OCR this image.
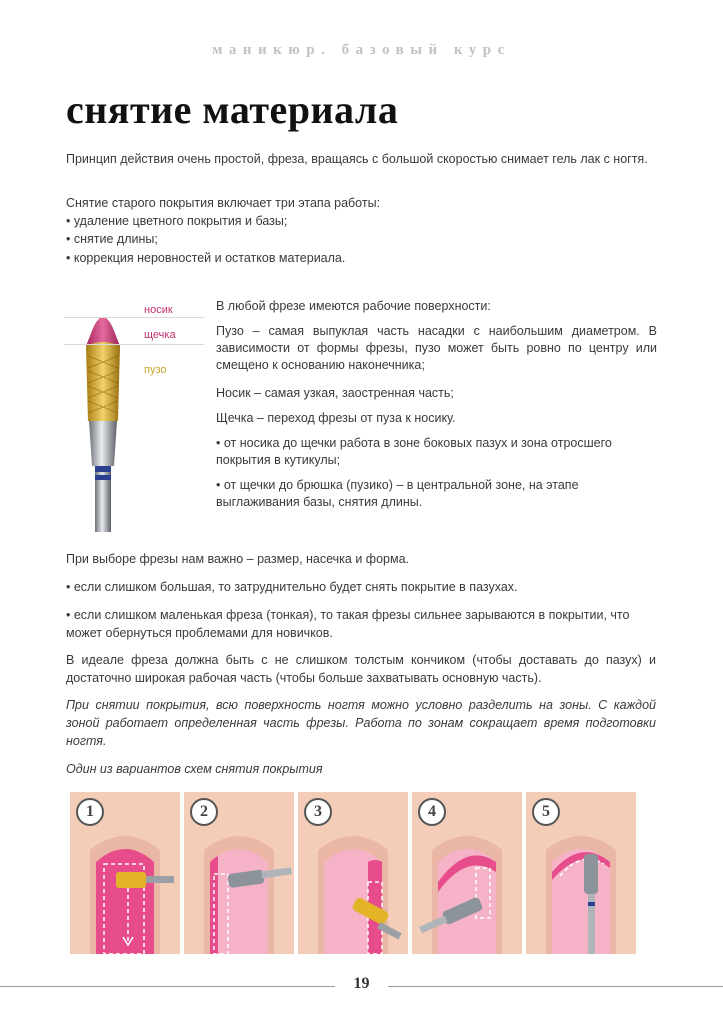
маникюр. базовый курс
снятие материала

Принцип действия очень простой, фреза, вращаясь с большой скоростью снимает гель лак с ногтя.

Снятие старого покрытия включает три этапа работы:

• удаление цветного покрытия и базы;

• снятие длины;

• коррекция неровностей и остатков материала.

носик
щечка
пузо

В любой фрезе имеются рабочие поверхности:

Пузо – самая выпуклая часть насадки с наибольшим диаметром. В зависимости от формы фрезы, пузо может быть ровно по центру или смещено к основанию наконечника;

Носик – самая узкая, заостренная часть;

Щечка – переход фрезы от пуза к носику.

• от носика до щечки работа в зоне боковых пазух и зона отросшего покрытия в кутикулы;

• от щечки до брюшка (пузико) – в центральной зоне, на этапе выглаживания базы, снятия длины.

При выборе фрезы нам важно – размер, насечка и форма.

• если слишком большая, то затруднительно будет снять покрытие в пазухах.

• если слишком маленькая фреза (тонкая), то такая фрезы сильнее зарываются в покрытии, что может обернуться проблемами для новичков.

В идеале фреза должна быть с не слишком толстым кончиком (чтобы доставать до пазух) и достаточно широкая рабочая часть (чтобы больше захватывать основную часть).

При снятии покрытия, всю поверхность ногтя можно условно разделить на зоны. С каждой зоной работает определенная часть фрезы. Работа по зонам сокращает время подготовки ногтя.

Один из вариантов схем снятия покрытия

1	2	3	4	5
19
